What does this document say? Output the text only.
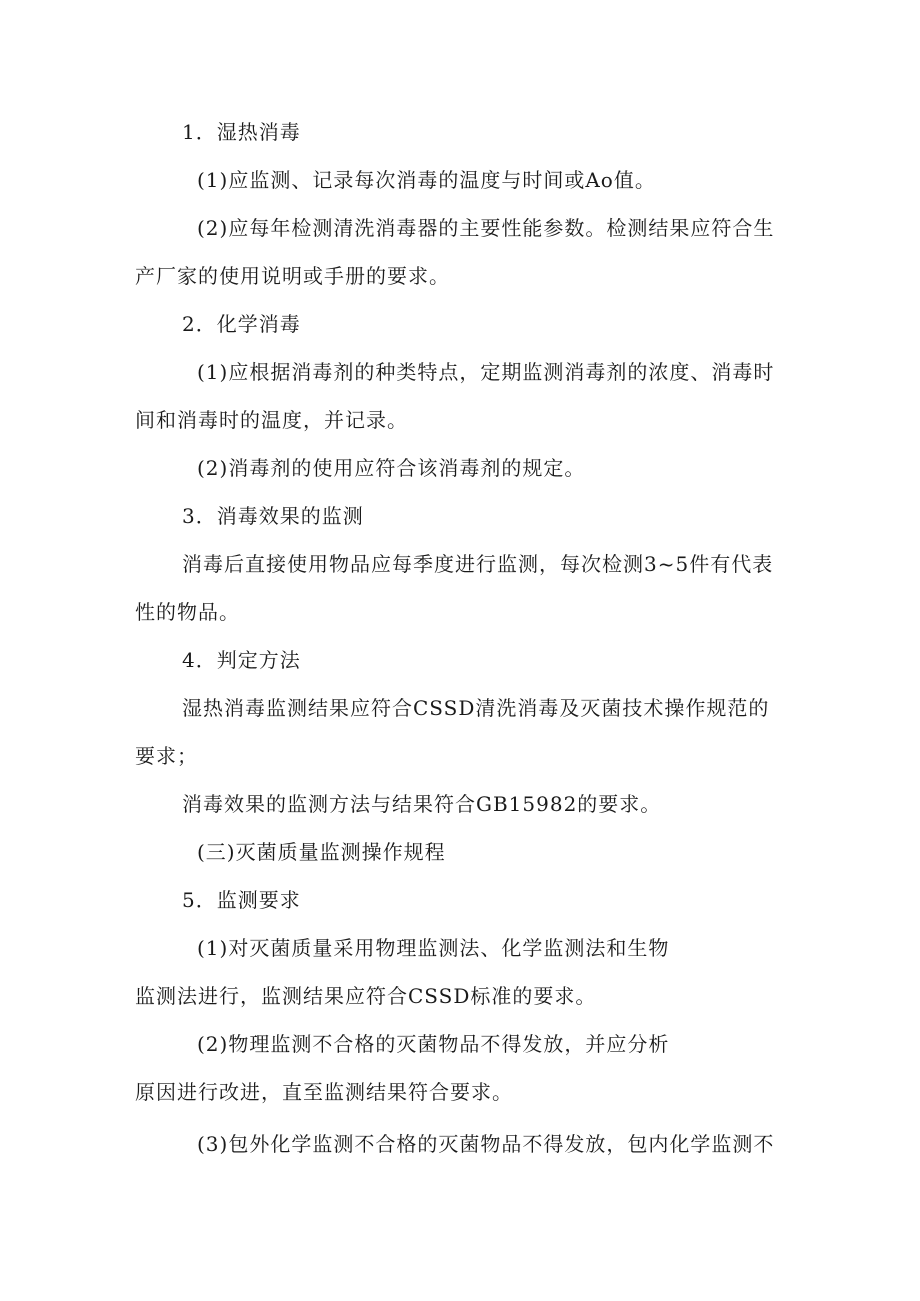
1．湿热消毒
(1)应监测、记录每次消毒的温度与时间或Ao值。
(2)应每年检测清洗消毒器的主要性能参数。检测结果应符合生
产厂家的使用说明或手册的要求。
2．化学消毒
(1)应根据消毒剂的种类特点，定期监测消毒剂的浓度、消毒时
间和消毒时的温度，并记录。
(2)消毒剂的使用应符合该消毒剂的规定。
3．消毒效果的监测
消毒后直接使用物品应每季度进行监测，每次检测3~5件有代表
性的物品。
4．判定方法
湿热消毒监测结果应符合CSSD清洗消毒及灭菌技术操作规范的
要求；
消毒效果的监测方法与结果符合GB15982的要求。
(三)灭菌质量监测操作规程
5．监测要求
(1)对灭菌质量采用物理监测法、化学监测法和生物
监测法进行，监测结果应符合CSSD标准的要求。
(2)物理监测不合格的灭菌物品不得发放，并应分析
原因进行改进，直至监测结果符合要求。
(3)包外化学监测不合格的灭菌物品不得发放，包内化学监测不
